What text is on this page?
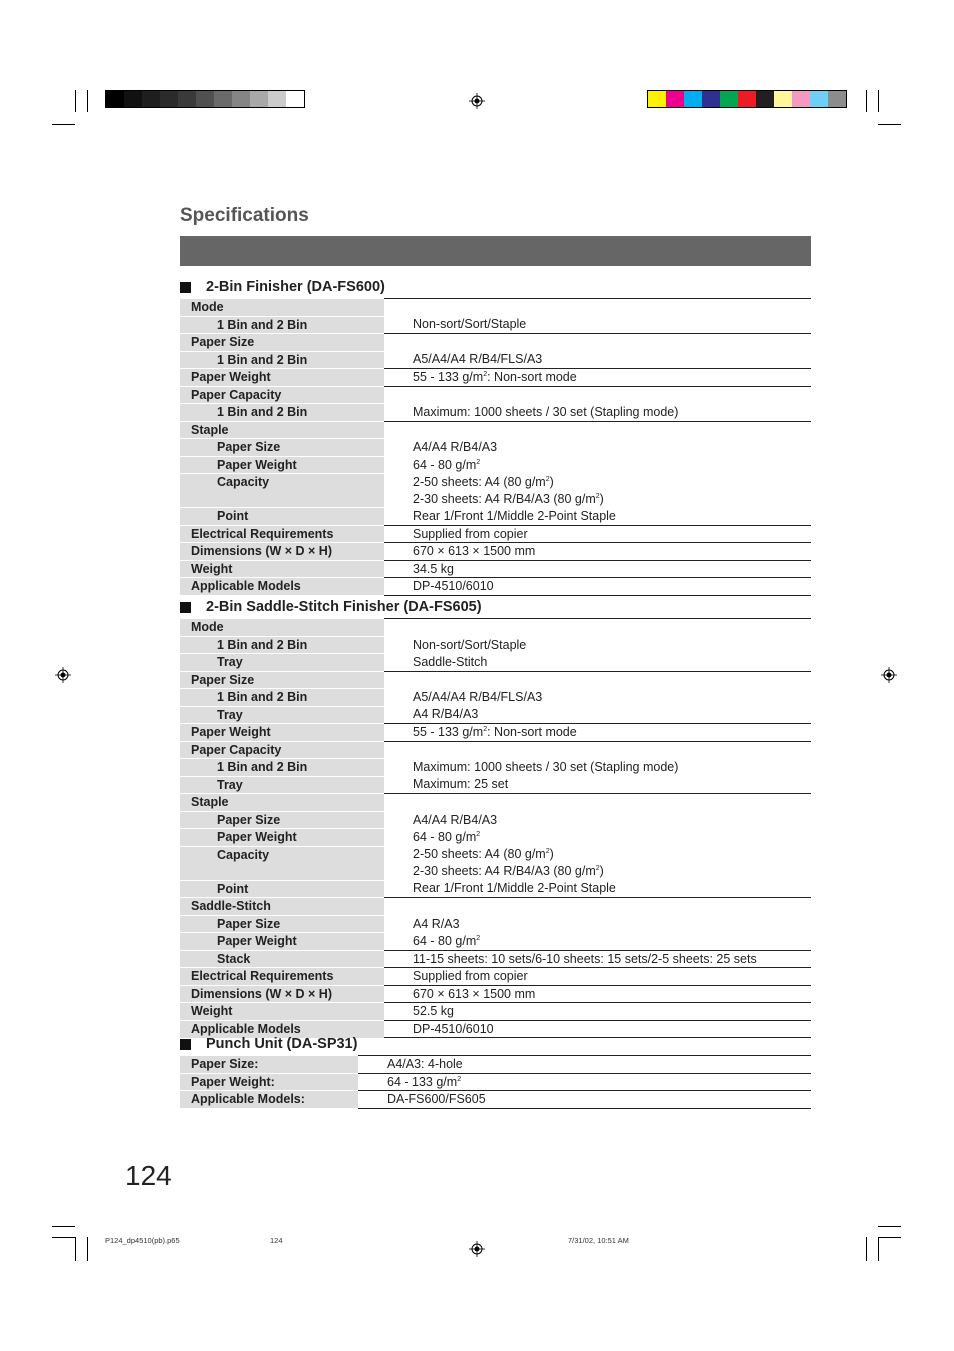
Specifications
2-Bin Finisher (DA-FS600)
Mode	
1 Bin and 2 Bin	Non-sort/Sort/Staple
Paper Size	
1 Bin and 2 Bin	A5/A4/A4 R/B4/FLS/A3
Paper Weight	55 - 133 $g/m^2$: Non-sort mode
Paper Capacity	
1 Bin and 2 Bin	Maximum: 1000 sheets / 30 set (Stapling mode)
Staple	
Paper Size	A4/A4 R/B4/A3
Paper Weight	64 - 80 $g/m^2$
Capacity	2-50 sheets: A4 (80 $g/m^2$)
	2-30 sheets: A4 R/B4/A3 (80 $g/m^2$)
Point	Rear 1/Front 1/Middle 2-Point Staple
Electrical Requirements	Supplied from copier
Dimensions (W × D × H)	670 × 613 × 1500 mm
Weight	34.5 kg
Applicable Models	DP-4510/6010
2-Bin Saddle-Stitch Finisher (DA-FS605)
Mode	
1 Bin and 2 Bin	Non-sort/Sort/Staple
Tray	Saddle-Stitch
Paper Size	
1 Bin and 2 Bin	A5/A4/A4 R/B4/FLS/A3
Tray	A4 R/B4/A3
Paper Weight	55 - 133 $g/m^2$: Non-sort mode
Paper Capacity	
1 Bin and 2 Bin	Maximum: 1000 sheets / 30 set (Stapling mode)
Tray	Maximum: 25 set
Staple	
Paper Size	A4/A4 R/B4/A3
Paper Weight	64 - 80 $g/m^2$
Capacity	2-50 sheets: A4 (80 $g/m^2$)
	2-30 sheets: A4 R/B4/A3 (80 $g/m^2$)
Point	Rear 1/Front 1/Middle 2-Point Staple
Saddle-Stitch	
Paper Size	A4 R/A3
Paper Weight	64 - 80 $g/m^2$
Stack	11-15 sheets: 10 sets/6-10 sheets: 15 sets/2-5 sheets: 25 sets
Electrical Requirements	Supplied from copier
Dimensions (W × D × H)	670 × 613 × 1500 mm
Weight	52.5 kg
Applicable Models	DP-4510/6010
Punch Unit (DA-SP31)
Paper Size:	A4/A3: 4-hole
Paper Weight:	64 - 133 $g/m^2$
Applicable Models:	DA-FS600/FS605
124
P124_dp4510(pb).p65	124	7/31/02, 10:51 AM
